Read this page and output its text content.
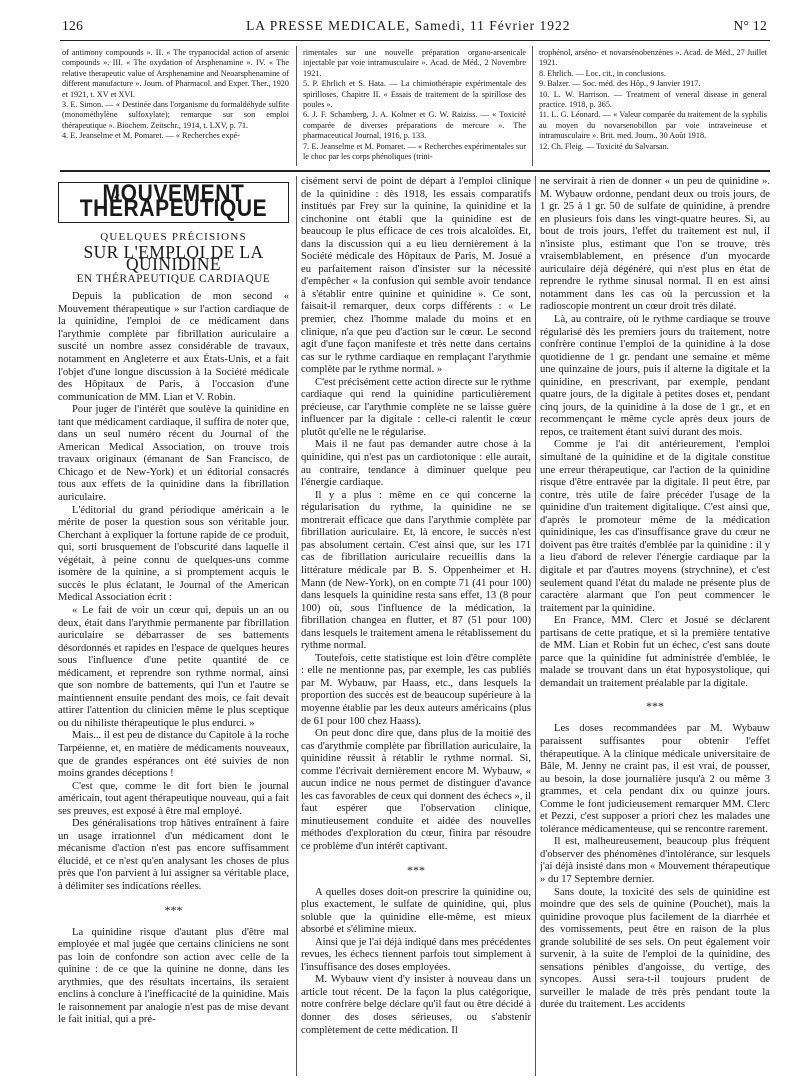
126	LA PRESSE MEDICALE, Samedi, 11 Février 1922	N° 12

of antimony compounds ». II. « The trypanocidal action of arsenic compounds ». III. « The oxydation of Arsphenamine ». IV. « The relative therapeutic value of Arsphenamine and Neoarsphenamine of different manufacture ». Journ. of Pharmacol. and Exper. Ther., 1920 et 1921, t. XV et XVI.

3. E. Simon. — « Destinée dans l'organisme du formaldéhyde sulfite (monométhylène sulfoxylate); remarque sur son emploi thérapeutique ». Biochem. Zeitschr., 1914, t. LXV, p. 71.

4. E. Jeanselme et M. Pomaret. — « Recherches expé-

rimentales sur une nouvelle préparation organo-arsenicale injectable par voie intramusculaire ». Acad. de Méd., 2 Novembre 1921.

5. P. Ehrlich et S. Hata. — La chimiothérapie expérimentale des spirilloses. Chapitre II. « Essais de traitement de la spirillose des poules ».

6. J. F. Schamberg, J. A. Kolmer et G. W. Raiziss. — « Toxicité comparée de diverses préparations de mercure ». The pharmaceutical Journal, 1916, p. 133.

7. E. Jeanselme et M. Pomaret. — « Recherches expérimentales sur le choc par les corps phénoliques (trini-

trophénol, arséno- et novarsénobenzènes ». Acad. de Méd., 27 Juillet 1921.

8. Ehrlich. — Loc. cit., in conclusions.

9. Balzer. — Soc. méd. des Hôp., 9 Janvier 1917.

10. L. W. Harrison. — Treatment of veneral disease in general practice. 1918, p. 365.

11. L. G. Léonard. — « Valeur comparée du traitement de la syphilis au moyen du novarsenobillon par voie intraveineuse et intramusculaire ». Brit. med. Journ., 30 Août 1918.

12. Ch. Fleig. — Toxicité du Salvarsan.

MOUVEMENT THÉRAPEUTIQUE
QUELQUES PRÉCISIONS
SUR L'EMPLOI DE LA QUINIDINE
EN THÉRAPEUTIQUE CARDIAQUE

Depuis la publication de mon second « Mouvement thérapeutique » sur l'action cardiaque de la quinidine, l'emploi de ce médicament dans l'arythmie complète par fibrillation auriculaire a suscité un nombre assez considérable de travaux, notamment en Angleterre et aux États-Unis, et a fait l'objet d'une longue discussion à la Société médicale des Hôpitaux de Paris, à l'occasion d'une communication de MM. Lian et V. Robin.

Pour juger de l'intérêt que soulève la quinidine en tant que médicament cardiaque, il suffira de noter que, dans un seul numéro récent du Journal of the American Medical Association, on trouve trois travaux originaux (émanant de San Francisco, de Chicago et de New-York) et un éditorial consacrés tous aux effets de la quinidine dans la fibrillation auriculaire.

L'éditorial du grand périodique américain a le mérite de poser la question sous son véritable jour. Cherchant à expliquer la fortune rapide de ce produit, qui, sorti brusquement de l'obscurité dans laquelle il végétait, à peine connu de quelques-uns comme isomère de la quinine, a si promptement acquis le succès le plus éclatant, le Journal of the American Medical Association écrit :

« Le fait de voir un cœur qui, depuis un an ou deux, était dans l'arythmie permanente par fibrillation auriculaire se débarrasser de ses battements désordonnés et rapides en l'espace de quelques heures sous l'influence d'une petite quantité de ce médicament, et reprendre son rythme normal, ainsi que son nombre de battements, qui l'un et l'autre se maintiennent ensuite pendant des mois, ce fait devait attirer l'attention du clinicien même le plus sceptique ou du nihiliste thérapeutique le plus endurci. »

Mais... il est peu de distance du Capitole à la roche Tarpéienne, et, en matière de médicaments nouveaux, que de grandes espérances ont été suivies de non moins grandes déceptions !

C'est que, comme le dit fort bien le journal américain, tout agent thérapeutique nouveau, qui a fait ses preuves, est exposé à être mal employé.

Des généralisations trop hâtives entraînent à faire un usage irrationnel d'un médicament dont le mécanisme d'action n'est pas encore suffisamment élucidé, et ce n'est qu'en analysant les choses de plus près que l'on parvient à lui assigner sa véritable place, à délimiter ses indications réelles.

***

La quinidine risque d'autant plus d'être mal employée et mal jugée que certains cliniciens ne sont pas loin de confondre son action avec celle de la quinine : de ce que la quinine ne donne, dans les arythmies, que des résultats incertains, ils seraient enclins à conclure à l'inefficacité de la quinidine. Mais le raisonnement par analogie n'est pas de mise devant le fait initial, qui a pré-

cisément servi de point de départ à l'emploi clinique de la quinidine : dès 1918, les essais comparatifs institués par Frey sur la quinine, la quinidine et la cinchonine ont établi que la quinidine est de beaucoup le plus efficace de ces trois alcaloïdes. Et, dans la discussion qui a eu lieu dernièrement à la Société médicale des Hôpitaux de Paris, M. Josué a eu parfaitement raison d'insister sur la nécessité d'empêcher « la confusion qui semble avoir tendance à s'établir entre quinine et quinidine ». Ce sont, faisait-il remarquer, deux corps différents : « Le premier, chez l'homme malade du moins et en clinique, n'a que peu d'action sur le cœur. Le second agit d'une façon manifeste et très nette dans certains cas sur le rythme cardiaque en remplaçant l'arythmie complète par le rythme normal. »

C'est précisément cette action directe sur le rythme cardiaque qui rend la quinidine particulièrement précieuse, car l'arythmie complète ne se laisse guère influencer par la digitale : celle-ci ralentit le cœur plutôt qu'elle ne le régularise.

Mais il ne faut pas demander autre chose à la quinidine, qui n'est pas un cardiotonique : elle aurait, au contraire, tendance à diminuer quelque peu l'énergie cardiaque.

Il y a plus : même en ce qui concerne la régularisation du rythme, la quinidine ne se montrerait efficace que dans l'arythmie complète par fibrillation auriculaire. Et, là encore, le succès n'est pas absolument certain. C'est ainsi que, sur les 171 cas de fibrillation auriculaire recueillis dans la littérature médicale par B. S. Oppenheimer et H. Mann (de New-York), on en compte 71 (41 pour 100) dans lesquels la quinidine resta sans effet, 13 (8 pour 100) où, sous l'influence de la médication, la fibrillation changea en flutter, et 87 (51 pour 100) dans lesquels le traitement amena le rétablissement du rythme normal.

Toutefois, cette statistique est loin d'être complète : elle ne mentionne pas, par exemple, les cas publiés par M. Wybauw, par Haass, etc., dans lesquels la proportion des succès est de beaucoup supérieure à la moyenne établie par les deux auteurs américains (plus de 61 pour 100 chez Haass).

On peut donc dire que, dans plus de la moitié des cas d'arythmie complète par fibrillation auriculaire, la quinidine réussit à rétablir le rythme normal. Si, comme l'écrivait dernièrement encore M. Wybauw, « aucun indice ne nous permet de distinguer d'avance les cas favorables de ceux qui donnent des échecs », il faut espérer que l'observation clinique, minutieusement conduite et aidée des nouvelles méthodes d'exploration du cœur, finira par résoudre ce problème d'un intérêt captivant.

***

A quelles doses doit-on prescrire la quinidine ou, plus exactement, le sulfate de quinidine, qui, plus soluble que la quinidine elle-même, est mieux absorbé et s'élimine mieux.

Ainsi que je l'ai déjà indiqué dans mes précédentes revues, les échecs tiennent parfois tout simplement à l'insuffisance des doses employées.

M. Wybauw vient d'y insister à nouveau dans un article tout récent. De la façon la plus catégorique, notre confrère belge déclare qu'il faut ou être décidé à donner des doses sérieuses, ou s'abstenir complètement de cette médication. Il

ne servirait à rien de donner « un peu de quinidine ». M. Wybauw ordonne, pendant deux ou trois jours, de 1 gr. 25 à 1 gr. 50 de sulfate de quinidine, à prendre en plusieurs fois dans les vingt-quatre heures. Si, au bout de trois jours, l'effet du traitement est nul, il n'insiste plus, estimant que l'on se trouve, très vraisemblablement, en présence d'un myocarde auriculaire déjà dégénéré, qui n'est plus en état de reprendre le rythme sinusal normal. Il en est ainsi notamment dans les cas où la percussion et la radioscopie montrent un cœur droit très dilaté.

Là, au contraire, où le rythme cardiaque se trouve régularisé dès les premiers jours du traitement, notre confrère continue l'emploi de la quinidine à la dose quotidienne de 1 gr. pendant une semaine et même une quinzaine de jours, puis il alterne la digitale et la quinidine, en prescrivant, par exemple, pendant quatre jours, de la digitale à petites doses et, pendant cinq jours, de la quinidine à la dose de 1 gr., et en recommençant le même cycle après deux jours de repos, ce traitement étant suivi durant des mois.

Comme je l'ai dit antérieurement, l'emploi simultané de la quinidine et de la digitale constitue une erreur thérapeutique, car l'action de la quinidine risque d'être entravée par la digitale. Il peut être, par contre, très utile de faire précéder l'usage de la quinidine d'un traitement digitalique. C'est ainsi que, d'après le promoteur même de la médication quinidinique, les cas d'insuffisance grave du cœur ne doivent pas être traités d'emblée par la quinidine : il y a lieu d'abord de relever l'énergie cardiaque par la digitale et par d'autres moyens (strychnine), et c'est seulement quand l'état du malade ne présente plus de caractère alarmant que l'on peut commencer le traitement par la quinidine.

En France, MM. Clerc et Josué se déclarent partisans de cette pratique, et si la première tentative de MM. Lian et Robin fut un échec, c'est sans doute parce que la quinidine fut administrée d'emblée, le malade se trouvant dans un état hyposystolique, qui demandait un traitement préalable par la digitale.

***

Les doses recommandées par M. Wybauw paraissent suffisantes pour obtenir l'effet thérapeutique. A la clinique médicale universitaire de Bâle, M. Jenny ne craint pas, il est vrai, de pousser, au besoin, la dose journalière jusqu'à 2 ou même 3 grammes, et cela pendant dix ou quinze jours. Comme le font judicieusement remarquer MM. Clerc et Pezzi, c'est supposer a priori chez les malades une tolérance médicamenteuse, qui se rencontre rarement.

Il est, malheureusement, beaucoup plus fréquent d'observer des phénomènes d'intolérance, sur lesquels j'ai déjà insisté dans mon « Mouvement thérapeutique » du 17 Septembre dernier.

Sans doute, la toxicité des sels de quinidine est moindre que des sels de quinine (Pouchet), mais la quinidine provoque plus facilement de la diarrhée et des vomissements, peut être en raison de la plus grande solubilité de ses sels. On peut également voir survenir, à la suite de l'emploi de la quinidine, des sensations pénibles d'angoisse, du vertige, des syncopes. Aussi sera-t-il toujours prudent de surveiller le malade de très près pendant toute la durée du traitement. Les accidents
